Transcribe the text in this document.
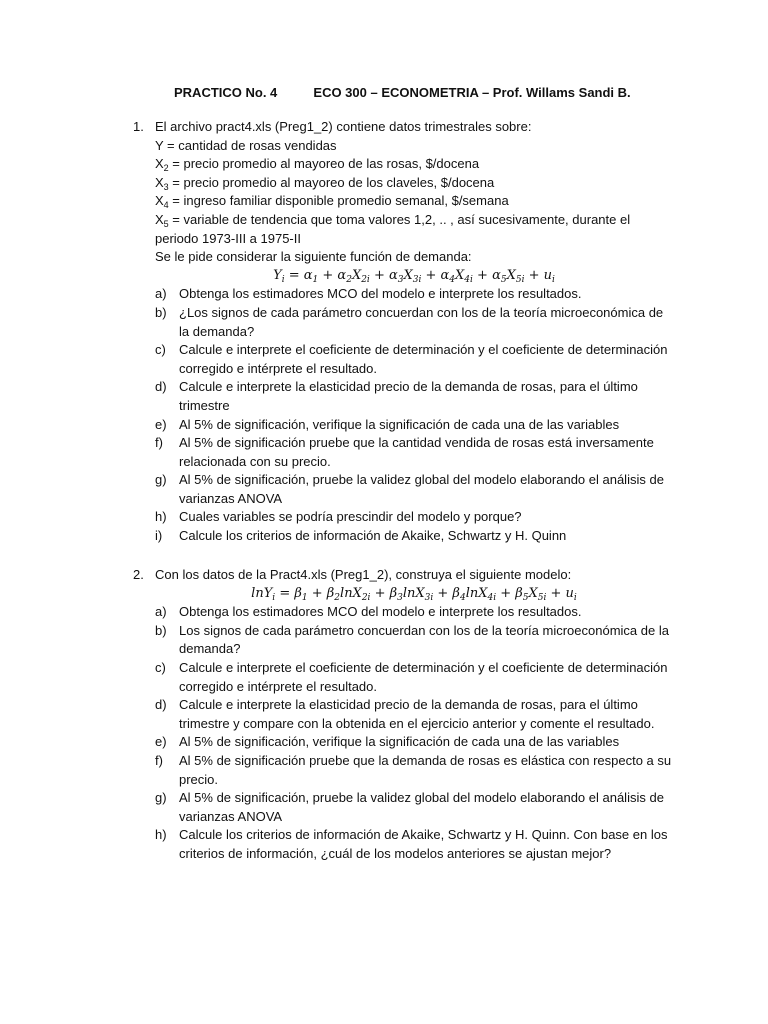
PRACTICO No. 4          ECO 300 – ECONOMETRIA – Prof. Willams Sandi B.
1. El archivo pract4.xls (Preg1_2) contiene datos trimestrales sobre:
Y = cantidad de rosas vendidas
$X_2$ = precio promedio al mayoreo de las rosas, $/docena
$X_3$ = precio promedio al mayoreo de los claveles, $/docena
$X_4$ = ingreso familiar disponible promedio semanal, $/semana
$X_5$ = variable de tendencia que toma valores 1,2, .. , así sucesivamente, durante el periodo 1973-III a 1975-II
Se le pide considerar la siguiente función de demanda:
$Y_i = \alpha_1 + \alpha_2X_{2i} + \alpha_3X_{3i} + \alpha_4X_{4i} + \alpha_5X_{5i} + u_i$
a) Obtenga los estimadores MCO del modelo e interprete los resultados.
b) ¿Los signos de cada parámetro concuerdan con los de la teoría microeconómica de la demanda?
c) Calcule e interprete el coeficiente de determinación y el coeficiente de determinación corregido e intérprete el resultado.
d) Calcule e interprete la elasticidad precio de la demanda de rosas, para el último trimestre
e) Al 5% de significación, verifique la significación de cada una de las variables
f) Al 5% de significación pruebe que la cantidad vendida de rosas está inversamente relacionada con su precio.
g) Al 5% de significación, pruebe la validez global del modelo elaborando el análisis de varianzas ANOVA
h) Cuales variables se podría prescindir del modelo y porque?
i) Calcule los criterios de información de Akaike, Schwartz y H. Quinn
2. Con los datos de la Pract4.xls (Preg1_2), construya el siguiente modelo:
$\ln Y_i = \beta_1 + \beta_2\ln X_{2i} + \beta_3\ln X_{3i} + \beta_4\ln X_{4i} + \beta_5X_{5i} + u_i$
a) Obtenga los estimadores MCO del modelo e interprete los resultados.
b) Los signos de cada parámetro concuerdan con los de la teoría microeconómica de la demanda?
c) Calcule e interprete el coeficiente de determinación y el coeficiente de determinación corregido e intérprete el resultado.
d) Calcule e interprete la elasticidad precio de la demanda de rosas, para el último trimestre y compare con la obtenida en el ejercicio anterior y comente el resultado.
e) Al 5% de significación, verifique la significación de cada una de las variables
f) Al 5% de significación pruebe que la demanda de rosas es elástica con respecto a su precio.
g) Al 5% de significación, pruebe la validez global del modelo elaborando el análisis de varianzas ANOVA
h) Calcule los criterios de información de Akaike, Schwartz y H. Quinn. Con base en los criterios de información, ¿cuál de los modelos anteriores se ajustan mejor?
